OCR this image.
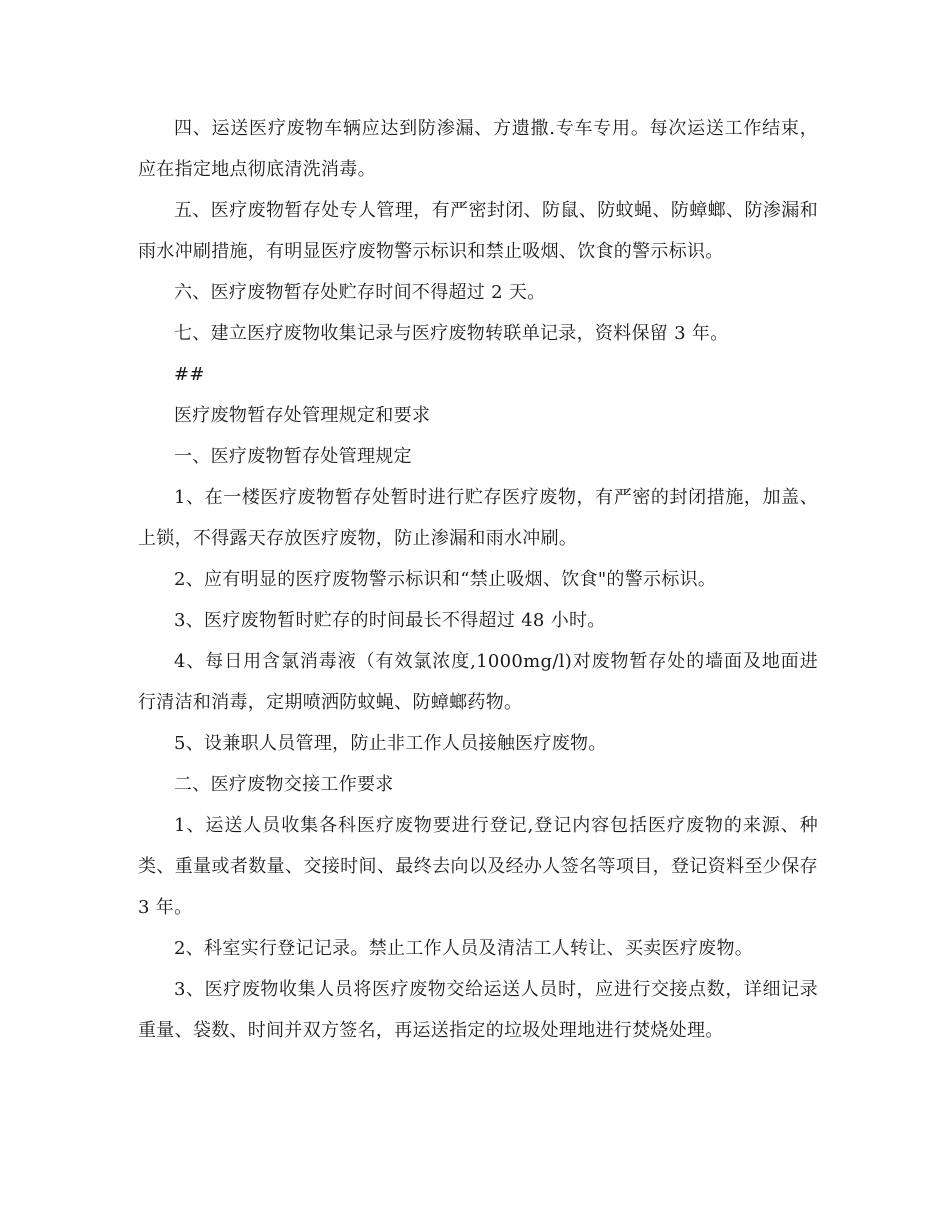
四、运送医疗废物车辆应达到防渗漏、方遗撒.专车专用。每次运送工作结束，应在指定地点彻底清洗消毒。

五、医疗废物暂存处专人管理，有严密封闭、防鼠、防蚊蝇、防蟑螂、防渗漏和雨水冲刷措施，有明显医疗废物警示标识和禁止吸烟、饮食的警示标识。

六、医疗废物暂存处贮存时间不得超过 2 天。

七、建立医疗废物收集记录与医疗废物转联单记录，资料保留 3 年。

##

医疗废物暂存处管理规定和要求

一、医疗废物暂存处管理规定

1、在一楼医疗废物暂存处暂时进行贮存医疗废物，有严密的封闭措施，加盖、上锁，不得露天存放医疗废物，防止渗漏和雨水冲刷。

2、应有明显的医疗废物警示标识和“禁止吸烟、饮食"的警示标识。

3、医疗废物暂时贮存的时间最长不得超过 48 小时。

4、每日用含氯消毒液（有效氯浓度,1000mg/l)对废物暂存处的墙面及地面进行清洁和消毒，定期喷洒防蚊蝇、防蟑螂药物。

5、设兼职人员管理，防止非工作人员接触医疗废物。

二、医疗废物交接工作要求

1、运送人员收集各科医疗废物要进行登记,登记内容包括医疗废物的来源、种类、重量或者数量、交接时间、最终去向以及经办人签名等项目，登记资料至少保存 3 年。

2、科室实行登记记录。禁止工作人员及清洁工人转让、买卖医疗废物。

3、医疗废物收集人员将医疗废物交给运送人员时，应进行交接点数，详细记录重量、袋数、时间并双方签名，再运送指定的垃圾处理地进行焚烧处理。
